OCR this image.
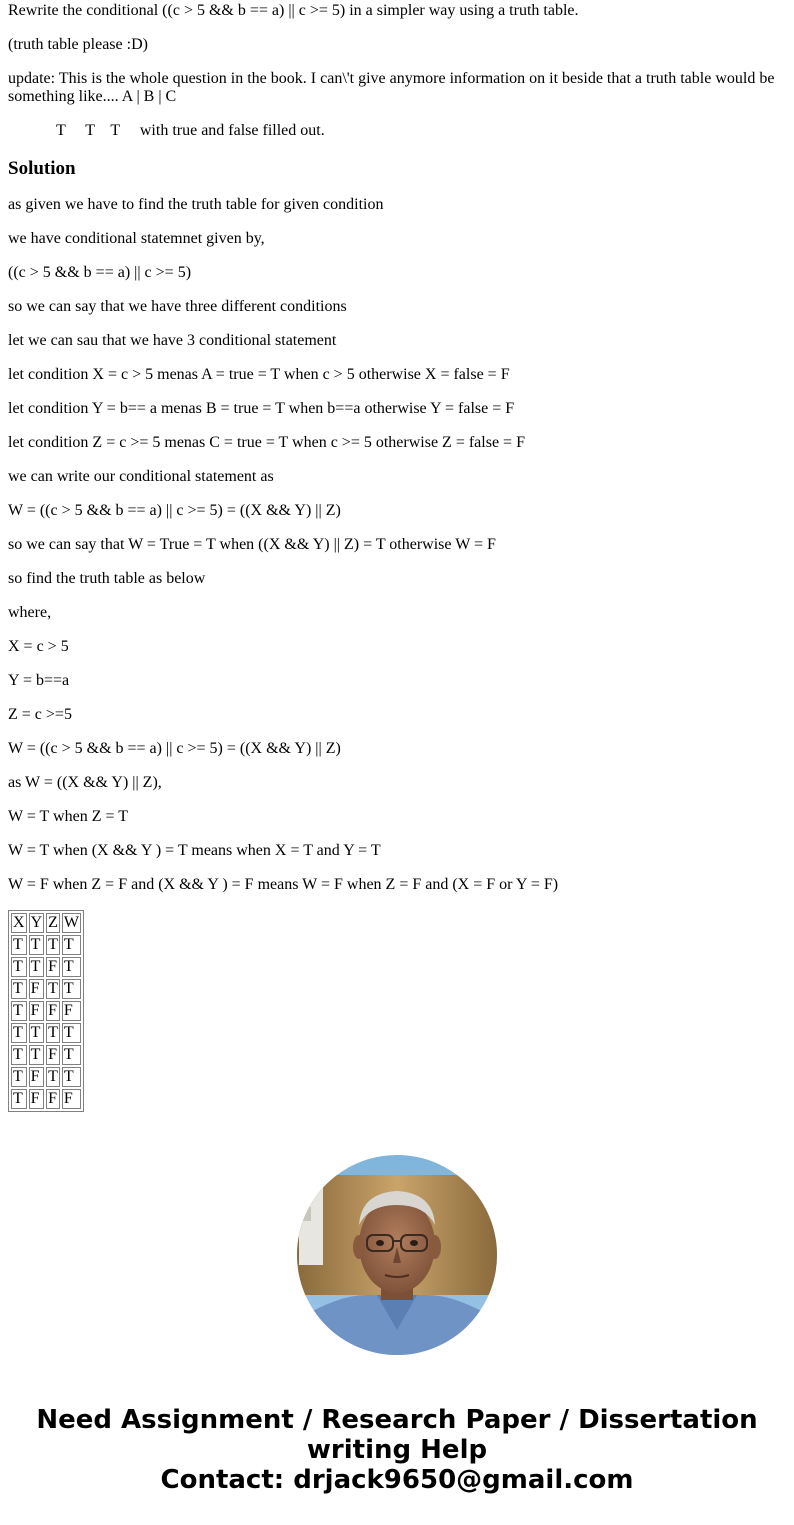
Rewrite the conditional ((c > 5 && b == a) || c >= 5) in a simpler way using a truth table.

(truth table please :D)

update: This is the whole question in the book. I can\'t give anymore information on it beside that a truth table would be something like.... A | B | C

T     T    T     with true and false filled out.

Solution

as given we have to find the truth table for given condition

we have conditional statemnet given by,

((c > 5 && b == a) || c >= 5)

so we can say that we have three different conditions

let we can sau that we have 3 conditional statement

let condition X = c > 5 menas A = true = T when c > 5 otherwise X = false = F

let condition Y = b== a menas B = true = T when b==a otherwise Y = false = F

let condition Z = c >= 5 menas C = true = T when c >= 5 otherwise Z = false = F

we can write our conditional statement as

W = ((c > 5 && b == a) || c >= 5) = ((X && Y) || Z)

so we can say that W = True = T when ((X && Y) || Z) = T otherwise W = F

so find the truth table as below

where,

X = c > 5

Y = b==a

Z = c >=5

W = ((c > 5 && b == a) || c >= 5) = ((X && Y) || Z)

as W = ((X && Y) || Z),

W = T when Z = T

W = T when (X && Y ) = T means when X = T and Y = T

W = F when Z = F and (X && Y ) = F means W = F when Z = F and (X = F or Y = F)

X	Y	Z	W
T	T	T	T
T	T	F	T
T	F	T	T
T	F	F	F
T	T	T	T
T	T	F	T
T	F	T	T
T	F	F	F
Need Assignment / Research Paper / Dissertation
writing Help
Contact: drjack9650@gmail.com
